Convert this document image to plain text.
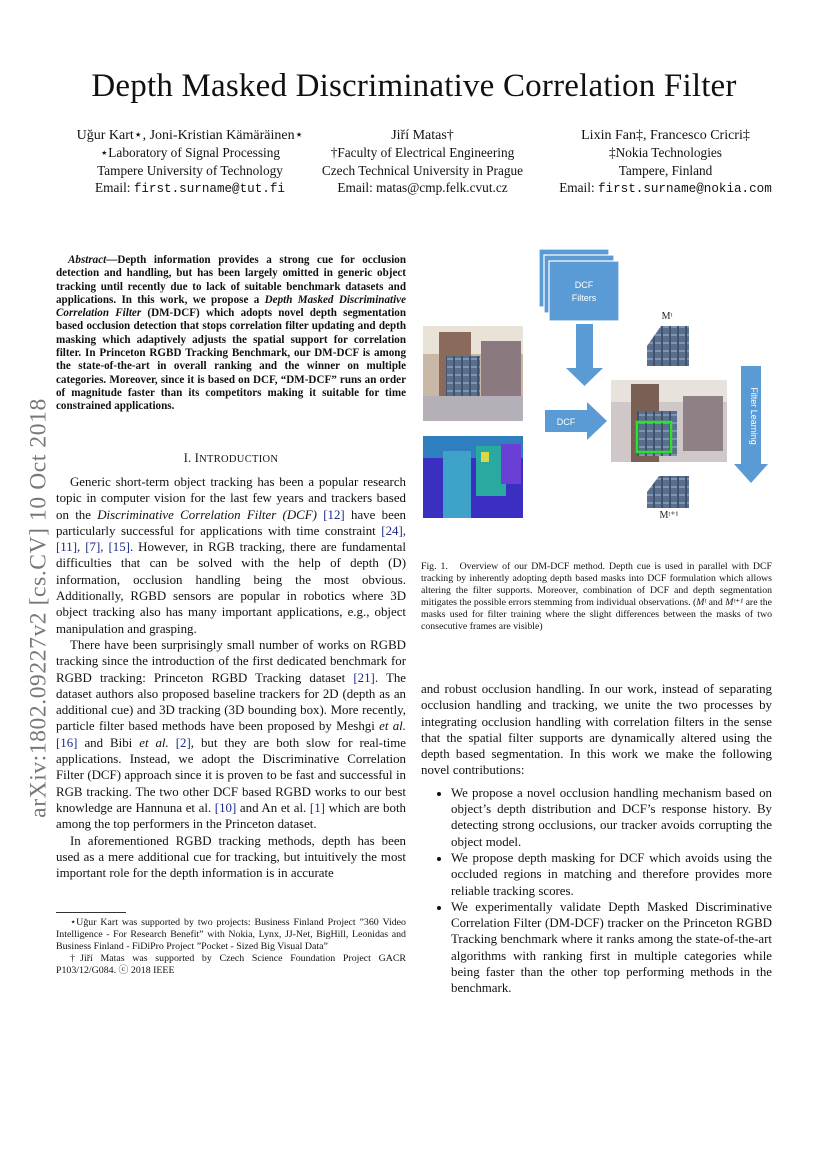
arXiv:1802.09227v2 [cs.CV] 10 Oct 2018
Depth Masked Discriminative Correlation Filter
Uğur Kart⋆, Joni-Kristian Kämäräinen⋆
⋆Laboratory of Signal Processing
Tampere University of Technology
Email: first.surname@tut.fi
Jiří Matas†
†Faculty of Electrical Engineering
Czech Technical University in Prague
Email: matas@cmp.felk.cvut.cz
Lixin Fan‡, Francesco Cricri‡
‡Nokia Technologies
Tampere, Finland
Email: first.surname@nokia.com
Abstract—Depth information provides a strong cue for occlusion detection and handling, but has been largely omitted in generic object tracking until recently due to lack of suitable benchmark datasets and applications. In this work, we propose a Depth Masked Discriminative Correlation Filter (DM-DCF) which adopts novel depth segmentation based occlusion detection that stops correlation filter updating and depth masking which adaptively adjusts the spatial support for correlation filter. In Princeton RGBD Tracking Benchmark, our DM-DCF is among the state-of-the-art in overall ranking and the winner on multiple categories. Moreover, since it is based on DCF, “DM-DCF” runs an order of magnitude faster than its competitors making it suitable for time constrained applications.
I. INTRODUCTION

Generic short-term object tracking has been a popular research topic in computer vision for the last few years and trackers based on the Discriminative Correlation Filter (DCF) [12] have been particularly successful for applications with time constraint [24], [11], [7], [15]. However, in RGB tracking, there are fundamental difficulties that can be solved with the help of depth (D) information, occlusion handling being the most obvious. Additionally, RGBD sensors are popular in robotics where 3D object tracking also has many important applications, e.g., object manipulation and grasping.

There have been surprisingly small number of works on RGBD tracking since the introduction of the first dedicated benchmark for RGBD tracking: Princeton RGBD Tracking dataset [21]. The dataset authors also proposed baseline trackers for 2D (depth as an additional cue) and 3D tracking (3D bounding box). More recently, particle filter based methods have been proposed by Meshgi et al. [16] and Bibi et al. [2], but they are both slow for real-time applications. Instead, we adopt the Discriminative Correlation Filter (DCF) approach since it is proven to be fast and successful in RGB tracking. The two other DCF based RGBD works to our best knowledge are Hannuna et al. [10] and An et al. [1] which are both among the top performers in the Princeton dataset.

In aforementioned RGBD tracking methods, depth has been used as a mere additional cue for tracking, but intuitively the most important role for the depth information is in accurate

⋆Uğur Kart was supported by two projects: Business Finland Project ”360 Video Intelligence - For Research Benefit” with Nokia, Lynx, JJ-Net, BigHill, Leonidas and Business Finland - FiDiPro Project ”Pocket - Sized Big Visual Data”

†Jiří Matas was supported by Czech Science Foundation Project GACR P103/12/G084. ⓒ 2018 IEEE

DCF
Filters
DCF
Mᵗ
Mᵗ⁺¹
Filter Learning
Fig. 1. Overview of our DM-DCF method. Depth cue is used in parallel with DCF tracking by inherently adopting depth based masks into DCF formulation which allows altering the filter supports. Moreover, combination of DCF and depth segmentation mitigates the possible errors stemming from individual observations. (Mᵗ and Mᵗ⁺¹ are the masks used for filter training where the slight differences between the masks of two consecutive frames are visible)

and robust occlusion handling. In our work, instead of separating occlusion handling and tracking, we unite the two processes by integrating occlusion handling with correlation filters in the sense that the spatial filter supports are dynamically altered using the depth based segmentation. In this work we make the following novel contributions:

• We propose a novel occlusion handling mechanism based on object’s depth distribution and DCF’s response history. By detecting strong occlusions, our tracker avoids corrupting the object model.
• We propose depth masking for DCF which avoids using the occluded regions in matching and therefore provides more reliable tracking scores.
• We experimentally validate Depth Masked Discriminative Correlation Filter (DM-DCF) tracker on the Princeton RGBD Tracking benchmark where it ranks among the state-of-the-art algorithms with ranking first in multiple categories while being faster than the other top performing methods in the benchmark.
